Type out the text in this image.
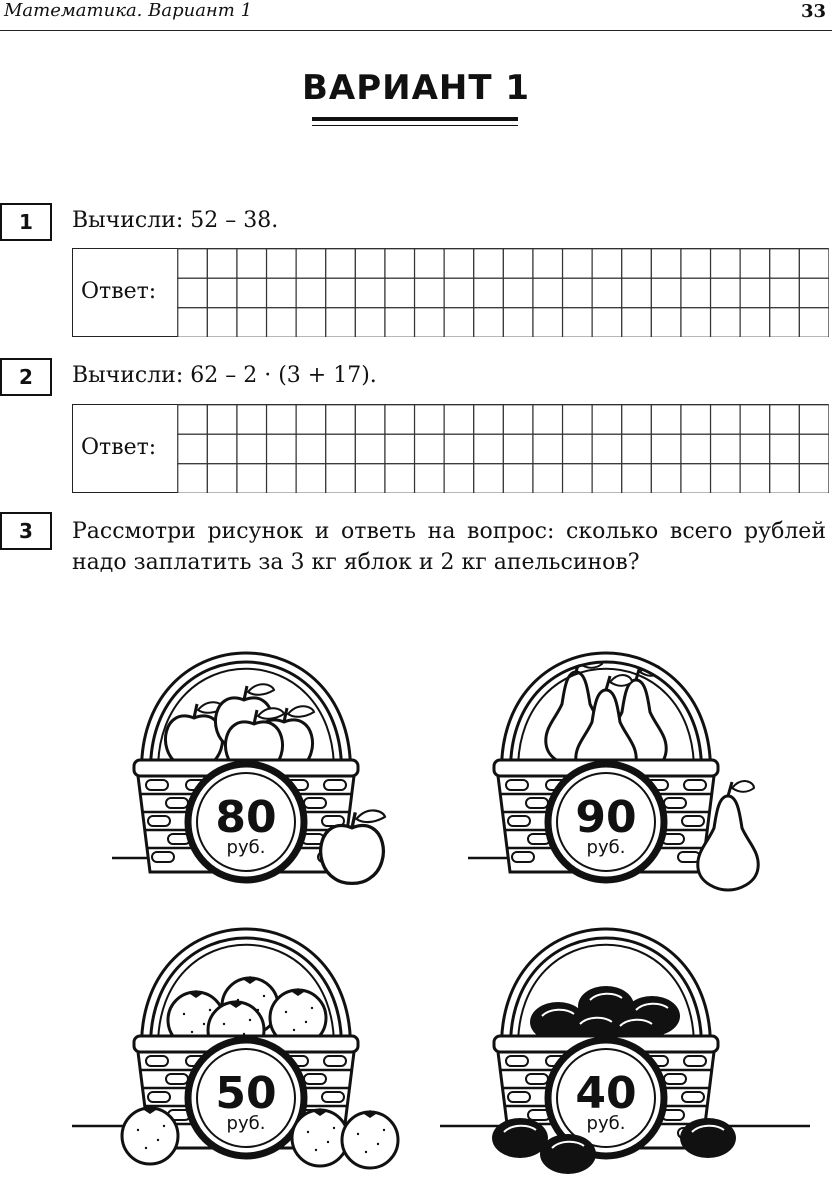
Математика. Вариант 1	33
ВАРИАНТ 1
1	Вычисли: 52 – 38.
Ответ:
2	Вычисли: 62 – 2 · (3 + 17).
Ответ:
3	Рассмотри рисунок и ответь на вопрос: сколько всего рублей надо заплатить за 3 кг яблок и 2 кг апельсинов?
80
руб.
90
руб.
50
руб.
40
руб.
